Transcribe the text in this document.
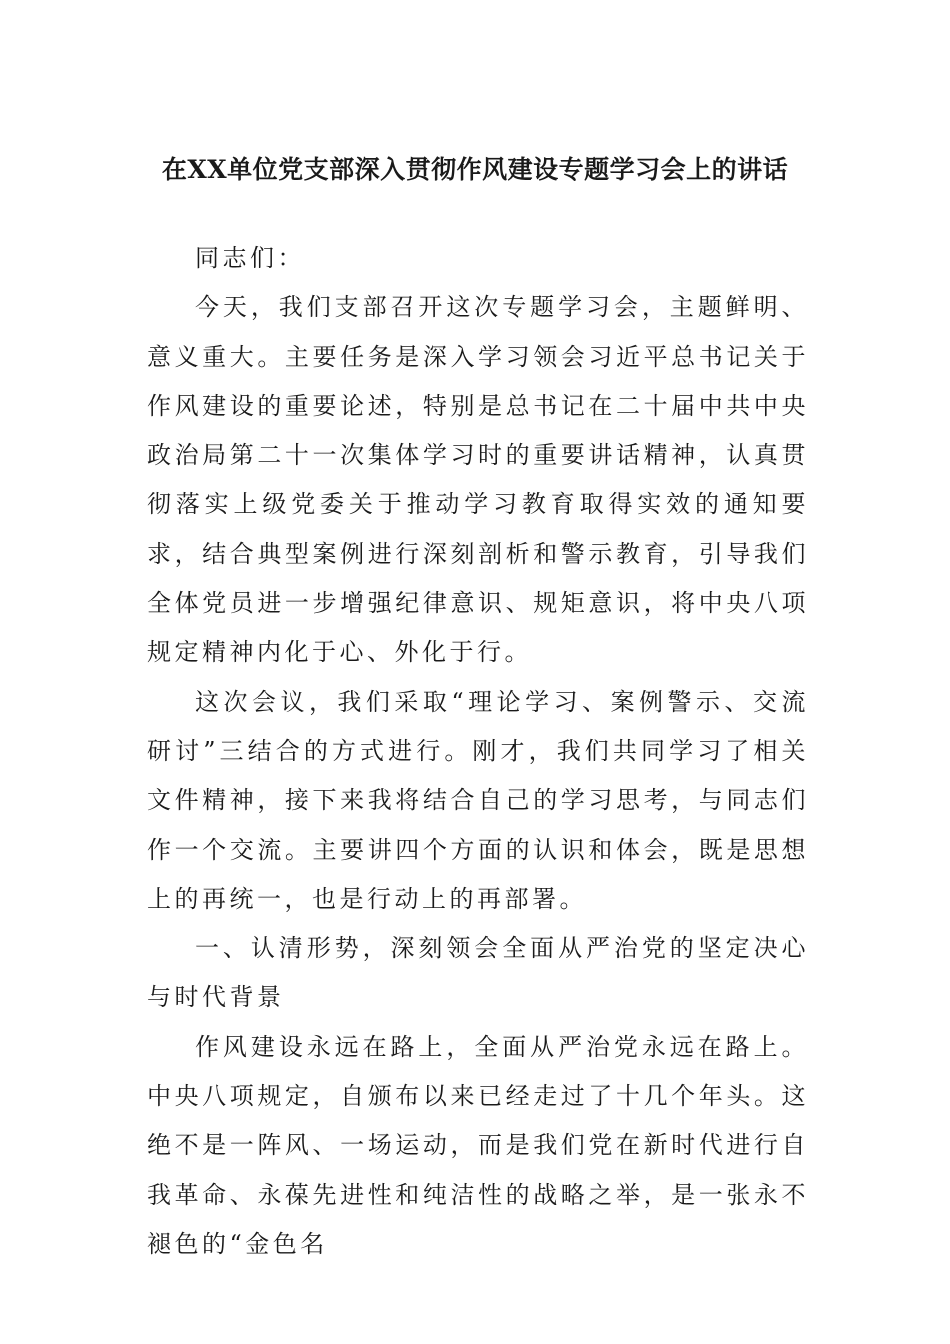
在XX单位党支部深入贯彻作风建设专题学习会上的讲话

同志们：

今天，我们支部召开这次专题学习会，主题鲜明、意义重大。主要任务是深入学习领会习近平总书记关于作风建设的重要论述，特别是总书记在二十届中共中央政治局第二十一次集体学习时的重要讲话精神，认真贯彻落实上级党委关于推动学习教育取得实效的通知要求，结合典型案例进行深刻剖析和警示教育，引导我们全体党员进一步增强纪律意识、规矩意识，将中央八项规定精神内化于心、外化于行。

这次会议，我们采取“理论学习、案例警示、交流研讨”三结合的方式进行。刚才，我们共同学习了相关文件精神，接下来我将结合自己的学习思考，与同志们作一个交流。主要讲四个方面的认识和体会，既是思想上的再统一，也是行动上的再部署。

一、认清形势，深刻领会全面从严治党的坚定决心与时代背景

作风建设永远在路上，全面从严治党永远在路上。中央八项规定，自颁布以来已经走过了十几个年头。这绝不是一阵风、一场运动，而是我们党在新时代进行自我革命、永葆先进性和纯洁性的战略之举，是一张永不褪色的“金色名
